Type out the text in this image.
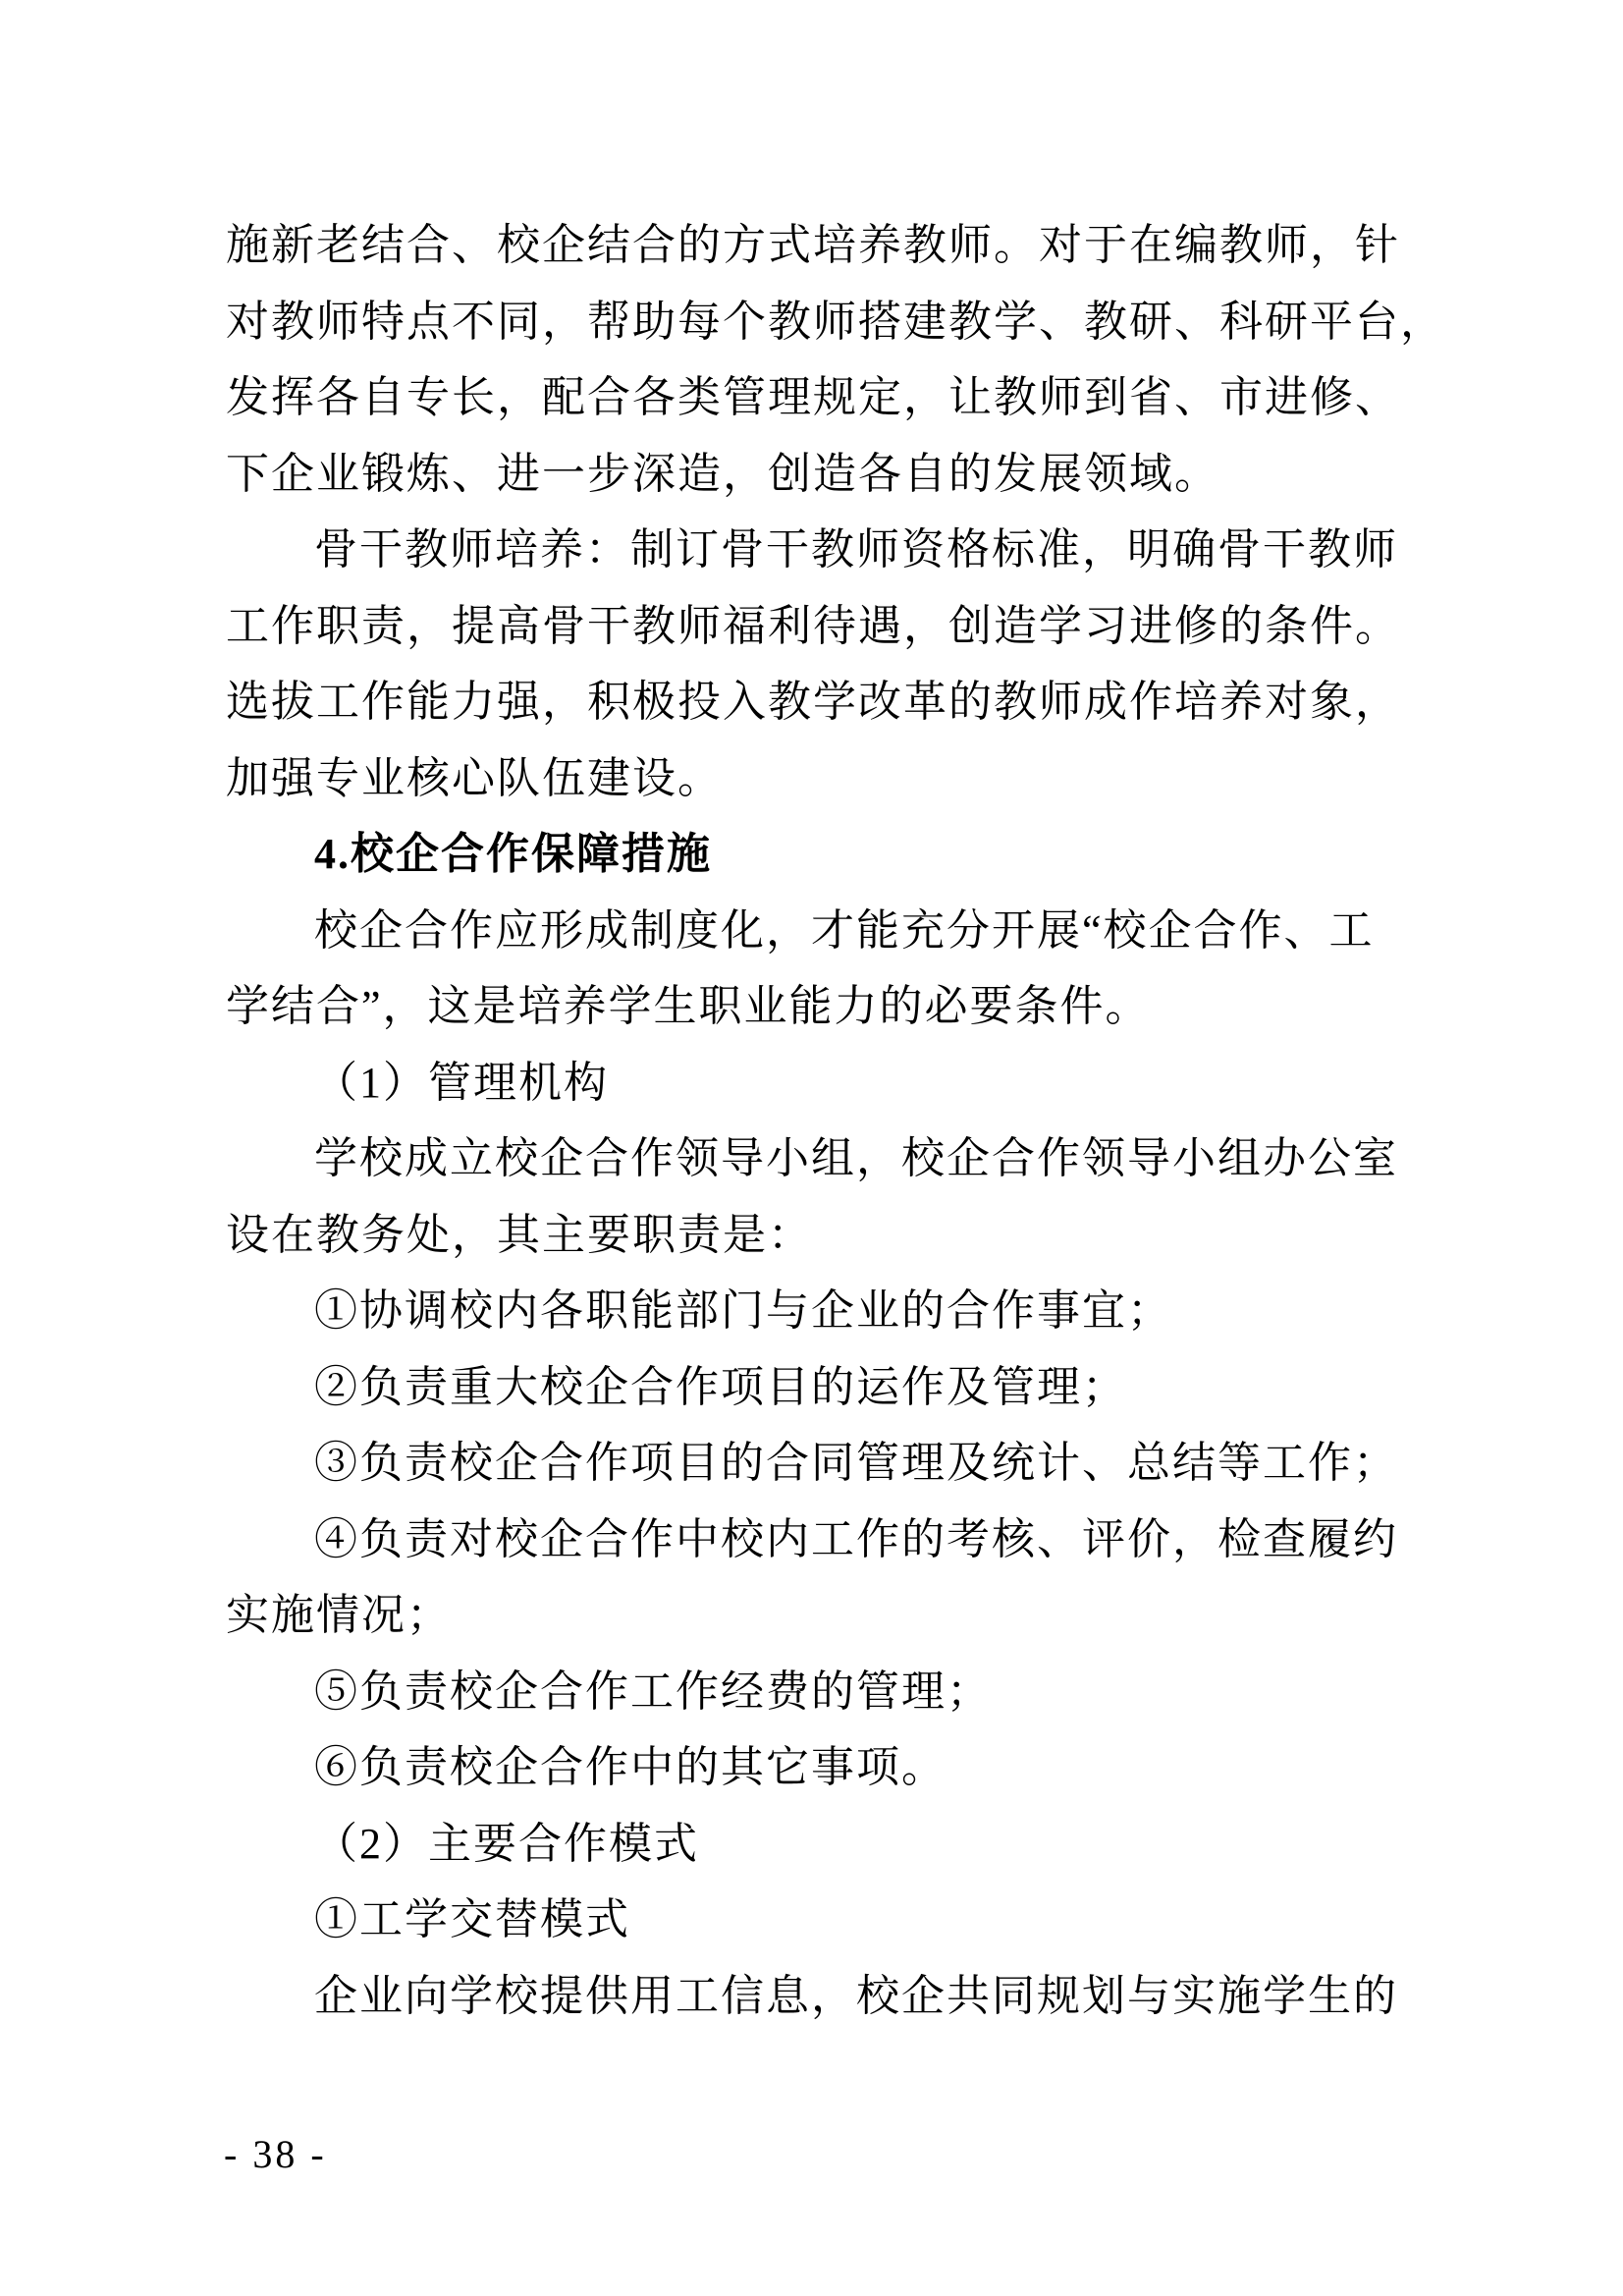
施新老结合、校企结合的方式培养教师。对于在编教师，针
对教师特点不同，帮助每个教师搭建教学、教研、科研平台，
发挥各自专长，配合各类管理规定，让教师到省、市进修、
下企业锻炼、进一步深造，创造各自的发展领域。
骨干教师培养：制订骨干教师资格标准，明确骨干教师
工作职责，提高骨干教师福利待遇，创造学习进修的条件。
选拔工作能力强，积极投入教学改革的教师成作培养对象，
加强专业核心队伍建设。
4.校企合作保障措施
校企合作应形成制度化，才能充分开展“校企合作、工
学结合”，这是培养学生职业能力的必要条件。
（1）管理机构
学校成立校企合作领导小组，校企合作领导小组办公室
设在教务处，其主要职责是：
①协调校内各职能部门与企业的合作事宜；
②负责重大校企合作项目的运作及管理；
③负责校企合作项目的合同管理及统计、总结等工作；
④负责对校企合作中校内工作的考核、评价，检查履约
实施情况；
⑤负责校企合作工作经费的管理；
⑥负责校企合作中的其它事项。
（2）主要合作模式
①工学交替模式
企业向学校提供用工信息，校企共同规划与实施学生的
- 38 -
